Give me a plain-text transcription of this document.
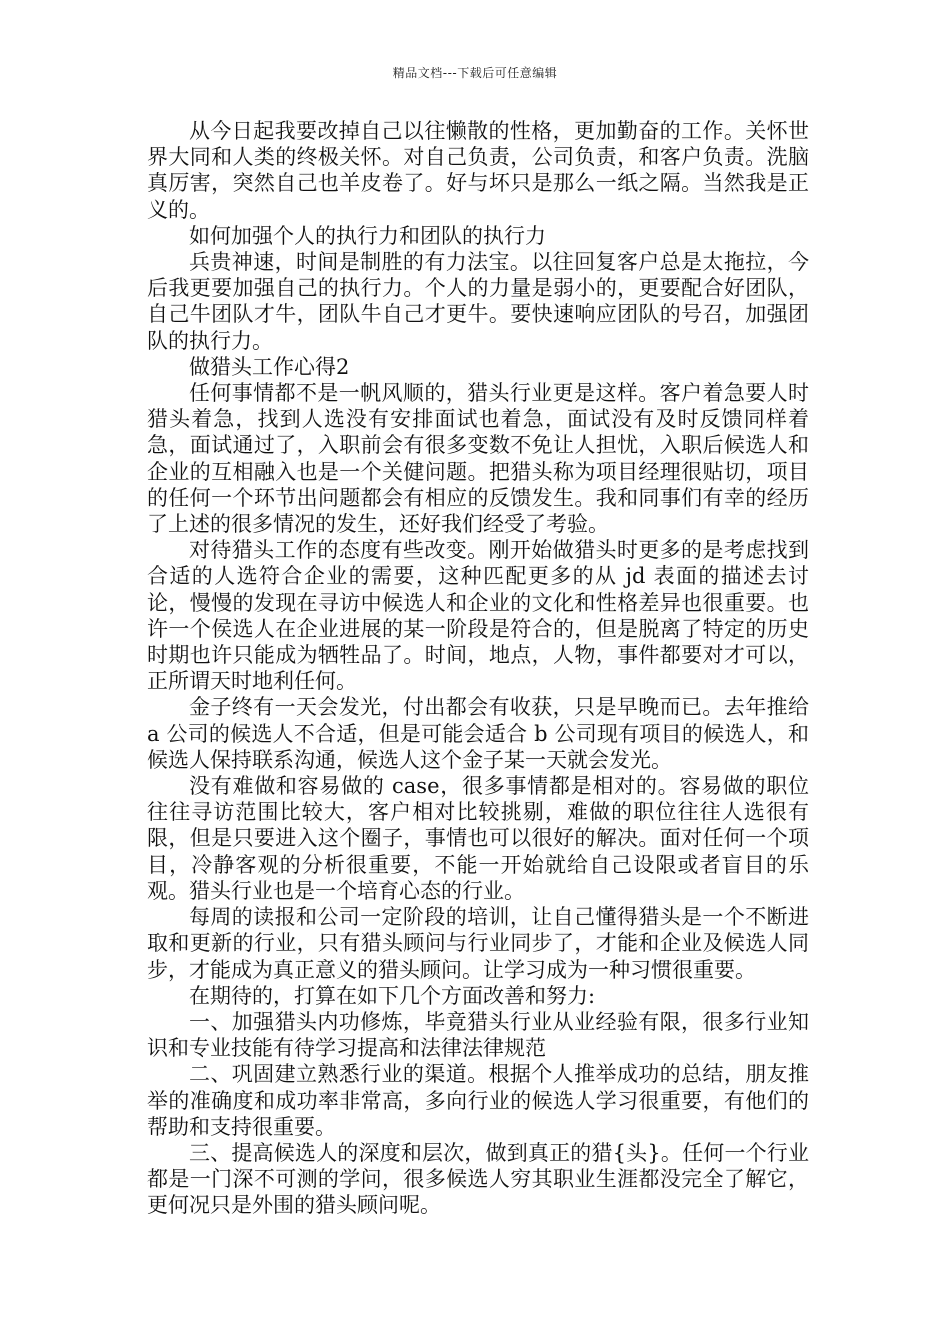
精品文档---下载后可任意编辑

从今日起我要改掉自己以往懒散的性格，更加勤奋的工作。关怀世界大同和人类的终极关怀。对自己负责，公司负责，和客户负责。洗脑真厉害，突然自己也羊皮卷了。好与坏只是那么一纸之隔。当然我是正义的。

如何加强个人的执行力和团队的执行力

兵贵神速，时间是制胜的有力法宝。以往回复客户总是太拖拉，今后我更要加强自己的执行力。个人的力量是弱小的，更要配合好团队，自己牛团队才牛，团队牛自己才更牛。要快速响应团队的号召，加强团队的执行力。

做猎头工作心得2

任何事情都不是一帆风顺的，猎头行业更是这样。客户着急要人时猎头着急，找到人选没有安排面试也着急，面试没有及时反馈同样着急，面试通过了，入职前会有很多变数不免让人担忧，入职后候选人和企业的互相融入也是一个关健问题。把猎头称为项目经理很贴切，项目的任何一个环节出问题都会有相应的反馈发生。我和同事们有幸的经历了上述的很多情况的发生，还好我们经受了考验。

对待猎头工作的态度有些改变。刚开始做猎头时更多的是考虑找到合适的人选符合企业的需要，这种匹配更多的从 jd 表面的描述去讨论，慢慢的发现在寻访中候选人和企业的文化和性格差异也很重要。也许一个侯选人在企业进展的某一阶段是符合的，但是脱离了特定的历史时期也许只能成为牺牲品了。时间，地点，人物，事件都要对才可以，正所谓天时地利任何。

金子终有一天会发光，付出都会有收获，只是早晚而已。去年推给 a 公司的候选人不合适，但是可能会适合 b 公司现有项目的候选人，和候选人保持联系沟通，候选人这个金子某一天就会发光。

没有难做和容易做的 case，很多事情都是相对的。容易做的职位往往寻访范围比较大，客户相对比较挑剔，难做的职位往往人选很有限，但是只要进入这个圈子，事情也可以很好的解决。面对任何一个项目，冷静客观的分析很重要，不能一开始就给自己设限或者盲目的乐观。猎头行业也是一个培育心态的行业。

每周的读报和公司一定阶段的培训，让自己懂得猎头是一个不断进取和更新的行业，只有猎头顾问与行业同步了，才能和企业及候选人同步，才能成为真正意义的猎头顾问。让学习成为一种习惯很重要。

在期待的，打算在如下几个方面改善和努力:

一、加强猎头内功修炼，毕竟猎头行业从业经验有限，很多行业知识和专业技能有待学习提高和法律法律规范

二、巩固建立熟悉行业的渠道。根据个人推举成功的总结，朋友推举的准确度和成功率非常高，多向行业的候选人学习很重要，有他们的帮助和支持很重要。

三、提高候选人的深度和层次，做到真正的猎{头}。任何一个行业都是一门深不可测的学问，很多候选人穷其职业生涯都没完全了解它，更何况只是外围的猎头顾问呢。
